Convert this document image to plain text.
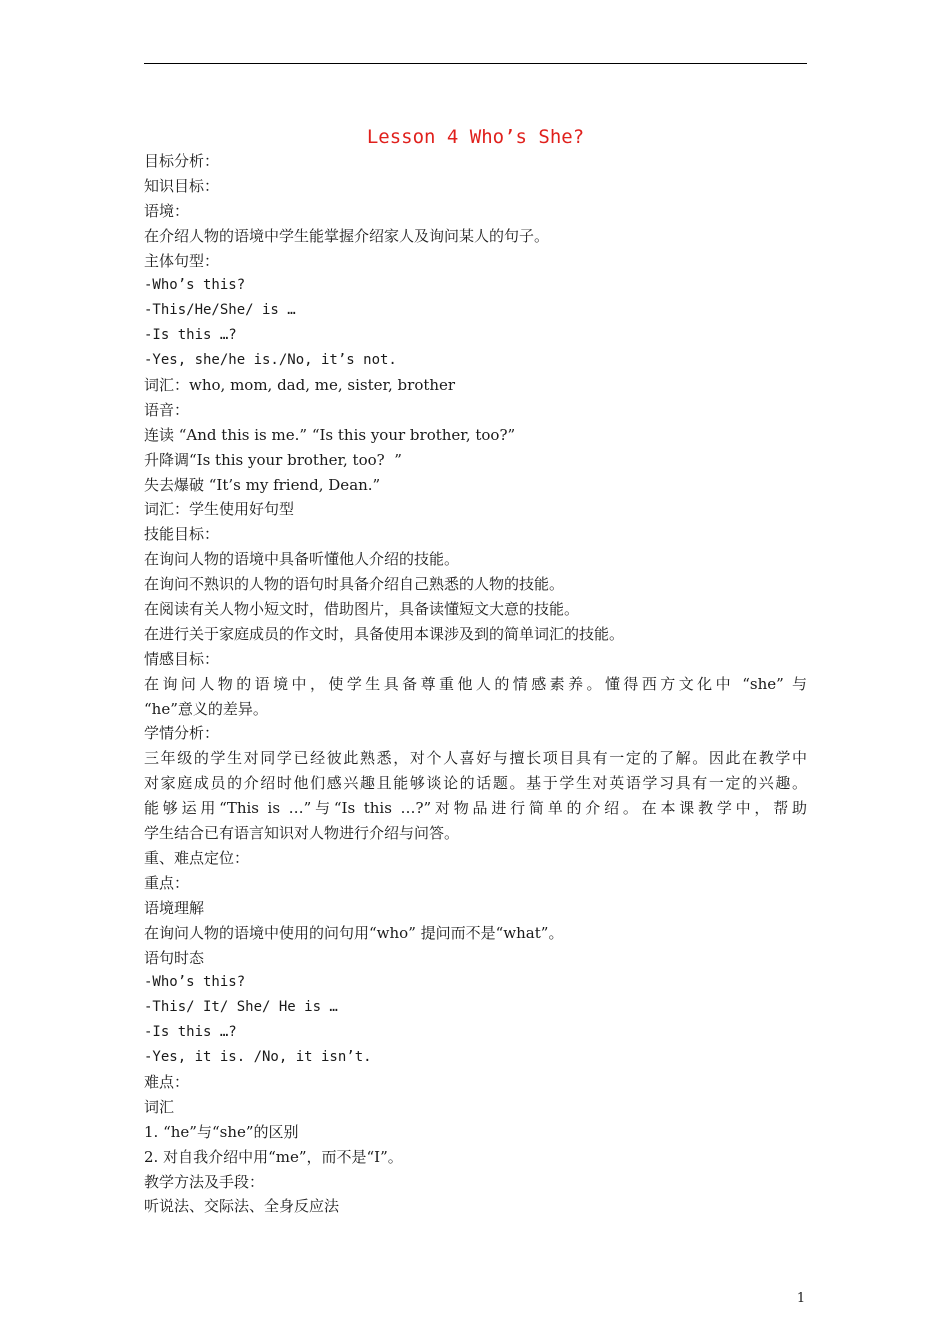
Lesson 4 Who’s She?
目标分析：
知识目标：
语境：
在介绍人物的语境中学生能掌握介绍家人及询问某人的句子。
主体句型：
-Who’s this?
-This/He/She/ is …
-Is this …?
-Yes, she/he is./No, it’s not.
词汇：who, mom, dad, me, sister, brother
语音：
连读 “And this is me.” “Is this your brother, too?”
升降调“Is this your brother, too?  ”
失去爆破 “It’s my friend, Dean.”
词汇：学生使用好句型
技能目标：
在询问人物的语境中具备听懂他人介绍的技能。
在询问不熟识的人物的语句时具备介绍自己熟悉的人物的技能。
在阅读有关人物小短文时，借助图片，具备读懂短文大意的技能。
在进行关于家庭成员的作文时，具备使用本课涉及到的简单词汇的技能。
情感目标：
在询问人物的语境中，使学生具备尊重他人的情感素养。懂得西方文化中 “she” 与
“he”意义的差异。
学情分析：
三年级的学生对同学已经彼此熟悉，对个人喜好与擅长项目具有一定的了解。因此在教学中
对家庭成员的介绍时他们感兴趣且能够谈论的话题。基于学生对英语学习具有一定的兴趣。
能够运用“This is …”与“Is this …?”对物品进行简单的介绍。在本课教学中，帮助
学生结合已有语言知识对人物进行介绍与问答。
重、难点定位：
重点：
语境理解
在询问人物的语境中使用的问句用“who” 提问而不是“what”。
语句时态
-Who’s this?
-This/ It/ She/ He is …
-Is this …?
-Yes, it is. /No, it isn’t.
难点：
词汇
1. “he”与“she”的区别
2. 对自我介绍中用“me”，而不是“I”。
教学方法及手段：
听说法、交际法、全身反应法
1
